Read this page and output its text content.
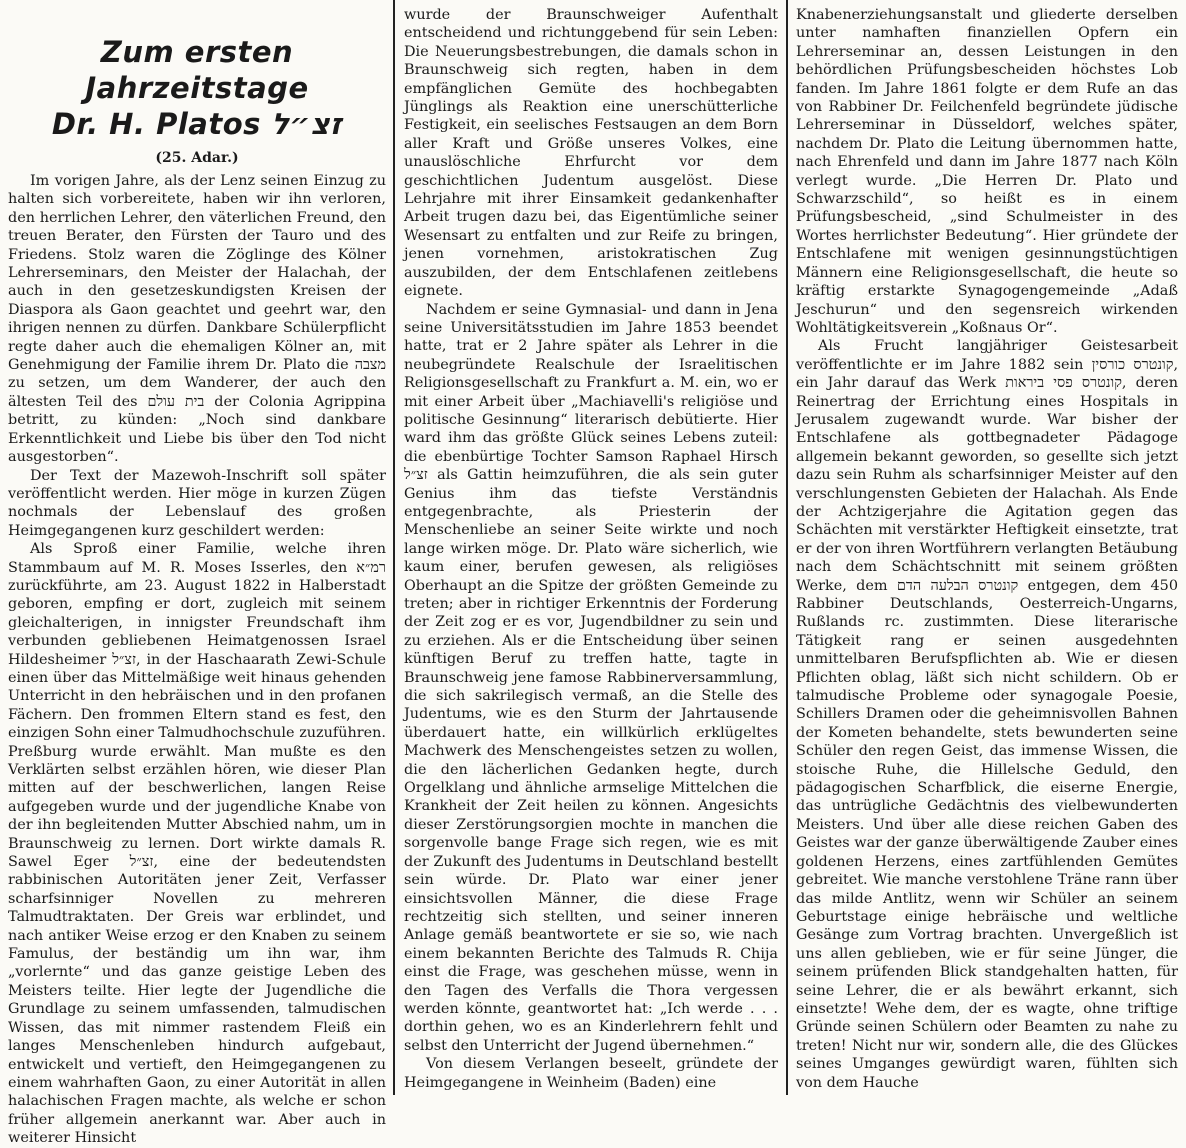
Zum ersten Jahrzeitstage
Dr. H. Platos זצ״ל
(25. Adar.)

Im vorigen Jahre, als der Lenz seinen Einzug zu halten sich vorbereitete, haben wir ihn verloren, den herrlichen Lehrer, den väterlichen Freund, den treuen Berater, den Fürsten der Tauro und des Friedens. Stolz waren die Zöglinge des Kölner Lehrerseminars, den Meister der Halachah, der auch in den gesetzeskundigsten Kreisen der Diaspora als Gaon geachtet und geehrt war, den ihrigen nennen zu dürfen. Dankbare Schülerpflicht regte daher auch die ehemaligen Kölner an, mit Genehmigung der Familie ihrem Dr. Plato die מצבה zu setzen, um dem Wanderer, der auch den ältesten Teil des בית עולם der Colonia Agrippina betritt, zu künden: „Noch sind dankbare Erkenntlichkeit und Liebe bis über den Tod nicht ausgestorben“.

Der Text der Mazewoh-Inschrift soll später veröffentlicht werden. Hier möge in kurzen Zügen nochmals der Lebenslauf des großen Heimgegangenen kurz geschildert werden:

Als Sproß einer Familie, welche ihren Stammbaum auf M. R. Moses Isserles, den רמ״א zurückführte, am 23. August 1822 in Halberstadt geboren, empfing er dort, zugleich mit seinem gleichalterigen, in innigster Freundschaft ihm verbunden gebliebenen Heimatgenossen Israel Hildesheimer זצ״ל, in der Haschaarath Zewi-Schule einen über das Mittelmäßige weit hinaus gehenden Unterricht in den hebräischen und in den profanen Fächern. Den frommen Eltern stand es fest, den einzigen Sohn einer Talmudhochschule zuzuführen. Preßburg wurde erwählt. Man mußte es den Verklärten selbst erzählen hören, wie dieser Plan mitten auf der beschwerlichen, langen Reise aufgegeben wurde und der jugendliche Knabe von der ihn begleitenden Mutter Abschied nahm, um in Braunschweig zu lernen. Dort wirkte damals R. Sawel Eger זצ״ל, eine der bedeutendsten rabbinischen Autoritäten jener Zeit, Verfasser scharfsinniger Novellen zu mehreren Talmudtraktaten. Der Greis war erblindet, und nach antiker Weise erzog er den Knaben zu seinem Famulus, der beständig um ihn war, ihm „vorlernte“ und das ganze geistige Leben des Meisters teilte. Hier legte der Jugendliche die Grundlage zu seinem umfassenden, talmudischen Wissen, das mit nimmer rastendem Fleiß ein langes Menschenleben hindurch aufgebaut, entwickelt und vertieft, den Heimgegangenen zu einem wahrhaften Gaon, zu einer Autorität in allen halachischen Fragen machte, als welche er schon früher allgemein anerkannt war. Aber auch in weiterer Hinsicht

wurde der Braunschweiger Aufenthalt entscheidend und richtunggebend für sein Leben: Die Neuerungsbestrebungen, die damals schon in Braunschweig sich regten, haben in dem empfänglichen Gemüte des hochbegabten Jünglings als Reaktion eine unerschütterliche Festigkeit, ein seelisches Festsaugen an dem Born aller Kraft und Größe unseres Volkes, eine unauslöschliche Ehrfurcht vor dem geschichtlichen Judentum ausgelöst. Diese Lehrjahre mit ihrer Einsamkeit gedankenhafter Arbeit trugen dazu bei, das Eigentümliche seiner Wesensart zu entfalten und zur Reife zu bringen, jenen vornehmen, aristokratischen Zug auszubilden, der dem Entschlafenen zeitlebens eignete.

Nachdem er seine Gymnasial- und dann in Jena seine Universitätsstudien im Jahre 1853 beendet hatte, trat er 2 Jahre später als Lehrer in die neubegründete Realschule der Israelitischen Religionsgesellschaft zu Frankfurt a. M. ein, wo er mit einer Arbeit über „Machiavelli's religiöse und politische Gesinnung“ literarisch debütierte. Hier ward ihm das größte Glück seines Lebens zuteil: die ebenbürtige Tochter Samson Raphael Hirsch זצ״ל als Gattin heimzuführen, die als sein guter Genius ihm das tiefste Verständnis entgegenbrachte, als Priesterin der Menschenliebe an seiner Seite wirkte und noch lange wirken möge. Dr. Plato wäre sicherlich, wie kaum einer, berufen gewesen, als religiöses Oberhaupt an die Spitze der größten Gemeinde zu treten; aber in richtiger Erkenntnis der Forderung der Zeit zog er es vor, Jugendbildner zu sein und zu erziehen. Als er die Entscheidung über seinen künftigen Beruf zu treffen hatte, tagte in Braunschweig jene famose Rabbinerversammlung, die sich sakrilegisch vermaß, an die Stelle des Judentums, wie es den Sturm der Jahrtausende überdauert hatte, ein willkürlich erklügeltes Machwerk des Menschengeistes setzen zu wollen, die den lächerlichen Gedanken hegte, durch Orgelklang und ähnliche armselige Mittelchen die Krankheit der Zeit heilen zu können. Angesichts dieser Zerstörungsorgien mochte in manchen die sorgenvolle bange Frage sich regen, wie es mit der Zukunft des Judentums in Deutschland bestellt sein würde. Dr. Plato war einer jener einsichtsvollen Männer, die diese Frage rechtzeitig sich stellten, und seiner inneren Anlage gemäß beantwortete er sie so, wie nach einem bekannten Berichte des Talmuds R. Chija einst die Frage, was geschehen müsse, wenn in den Tagen des Verfalls die Thora vergessen werden könnte, geantwortet hat: „Ich werde . . . dorthin gehen, wo es an Kinderlehrern fehlt und selbst den Unterricht der Jugend übernehmen.“

Von diesem Verlangen beseelt, gründete der Heimgegangene in Weinheim (Baden) eine

Knabenerziehungsanstalt und gliederte derselben unter namhaften finanziellen Opfern ein Lehrerseminar an, dessen Leistungen in den behördlichen Prüfungsbescheiden höchstes Lob fanden. Im Jahre 1861 folgte er dem Rufe an das von Rabbiner Dr. Feilchenfeld begründete jüdische Lehrerseminar in Düsseldorf, welches später, nachdem Dr. Plato die Leitung übernommen hatte, nach Ehrenfeld und dann im Jahre 1877 nach Köln verlegt wurde. „Die Herren Dr. Plato und Schwarzschild“, so heißt es in einem Prüfungsbescheid, „sind Schulmeister in des Wortes herrlichster Bedeutung“. Hier gründete der Entschlafene mit wenigen gesinnungstüchtigen Männern eine Religionsgesellschaft, die heute so kräftig erstarkte Synagogengemeinde „Adaß Jeschurun“ und den segensreich wirkenden Wohltätigkeitsverein „Koßnaus Or“.

Als Frucht langjähriger Geistesarbeit veröffentlichte er im Jahre 1882 sein קונטרס כורסין, ein Jahr darauf das Werk קונטרס פסי ביראות, deren Reinertrag der Errichtung eines Hospitals in Jerusalem zugewandt wurde. War bisher der Entschlafene als gottbegnadeter Pädagoge allgemein bekannt geworden, so gesellte sich jetzt dazu sein Ruhm als scharfsinniger Meister auf den verschlungensten Gebieten der Halachah. Als Ende der Achtzigerjahre die Agitation gegen das Schächten mit verstärkter Heftigkeit einsetzte, trat er der von ihren Wortführern verlangten Betäubung nach dem Schächtschnitt mit seinem größten Werke, dem קונטרס הבלעה הדם entgegen, dem 450 Rabbiner Deutschlands, Oesterreich-Ungarns, Rußlands rc. zustimmten. Diese literarische Tätigkeit rang er seinen ausgedehnten unmittelbaren Berufspflichten ab. Wie er diesen Pflichten oblag, läßt sich nicht schildern. Ob er talmudische Probleme oder synagogale Poesie, Schillers Dramen oder die geheimnisvollen Bahnen der Kometen behandelte, stets bewunderten seine Schüler den regen Geist, das immense Wissen, die stoische Ruhe, die Hillelsche Geduld, den pädagogischen Scharfblick, die eiserne Energie, das untrügliche Gedächtnis des vielbewunderten Meisters. Und über alle diese reichen Gaben des Geistes war der ganze überwältigende Zauber eines goldenen Herzens, eines zartfühlenden Gemütes gebreitet. Wie manche verstohlene Träne rann über das milde Antlitz, wenn wir Schüler an seinem Geburtstage einige hebräische und weltliche Gesänge zum Vortrag brachten. Unvergeßlich ist uns allen geblieben, wie er für seine Jünger, die seinem prüfenden Blick standgehalten hatten, für seine Lehrer, die er als bewährt erkannt, sich einsetzte! Wehe dem, der es wagte, ohne triftige Gründe seinen Schülern oder Beamten zu nahe zu treten! Nicht nur wir, sondern alle, die des Glückes seines Umganges gewürdigt waren, fühlten sich von dem Hauche
